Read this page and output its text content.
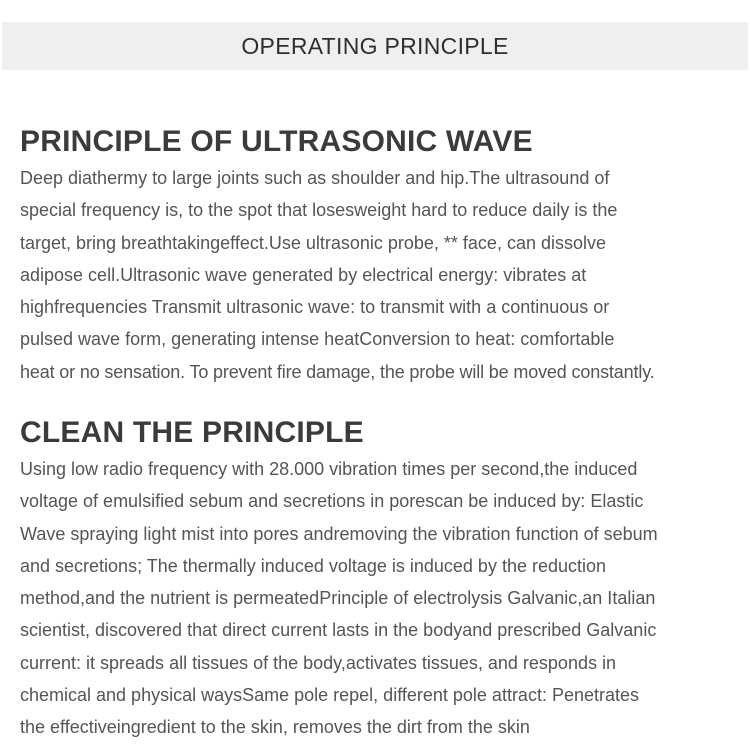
OPERATING PRINCIPLE
PRINCIPLE OF ULTRASONIC WAVE
Deep diathermy to large joints such as shoulder and hip.The ultrasound of
special frequency is, to the spot that losesweight hard to reduce daily is the
target, bring breathtakingeffect.Use ultrasonic probe, ** face, can dissolve
adipose cell.Ultrasonic wave generated by electrical energy: vibrates at
highfrequencies Transmit ultrasonic wave: to transmit with a continuous or
pulsed wave form, generating intense heatConversion to heat: comfortable
heat or no sensation. To prevent fire damage, the probe will be moved constantly.
CLEAN THE PRINCIPLE
Using low radio frequency with 28.000 vibration times per second,the induced
voltage of emulsified sebum and secretions in porescan be induced by: Elastic
Wave spraying light mist into pores andremoving the vibration function of sebum
and secretions; The thermally induced voltage is induced by the reduction
method,and the nutrient is permeatedPrinciple of electrolysis Galvanic,an Italian
scientist, discovered that direct current lasts in the bodyand prescribed Galvanic
current: it spreads all tissues of the body,activates tissues, and responds in
chemical and physical waysSame pole repel, different pole attract: Penetrates
the effectiveingredient to the skin, removes the dirt from the skin
